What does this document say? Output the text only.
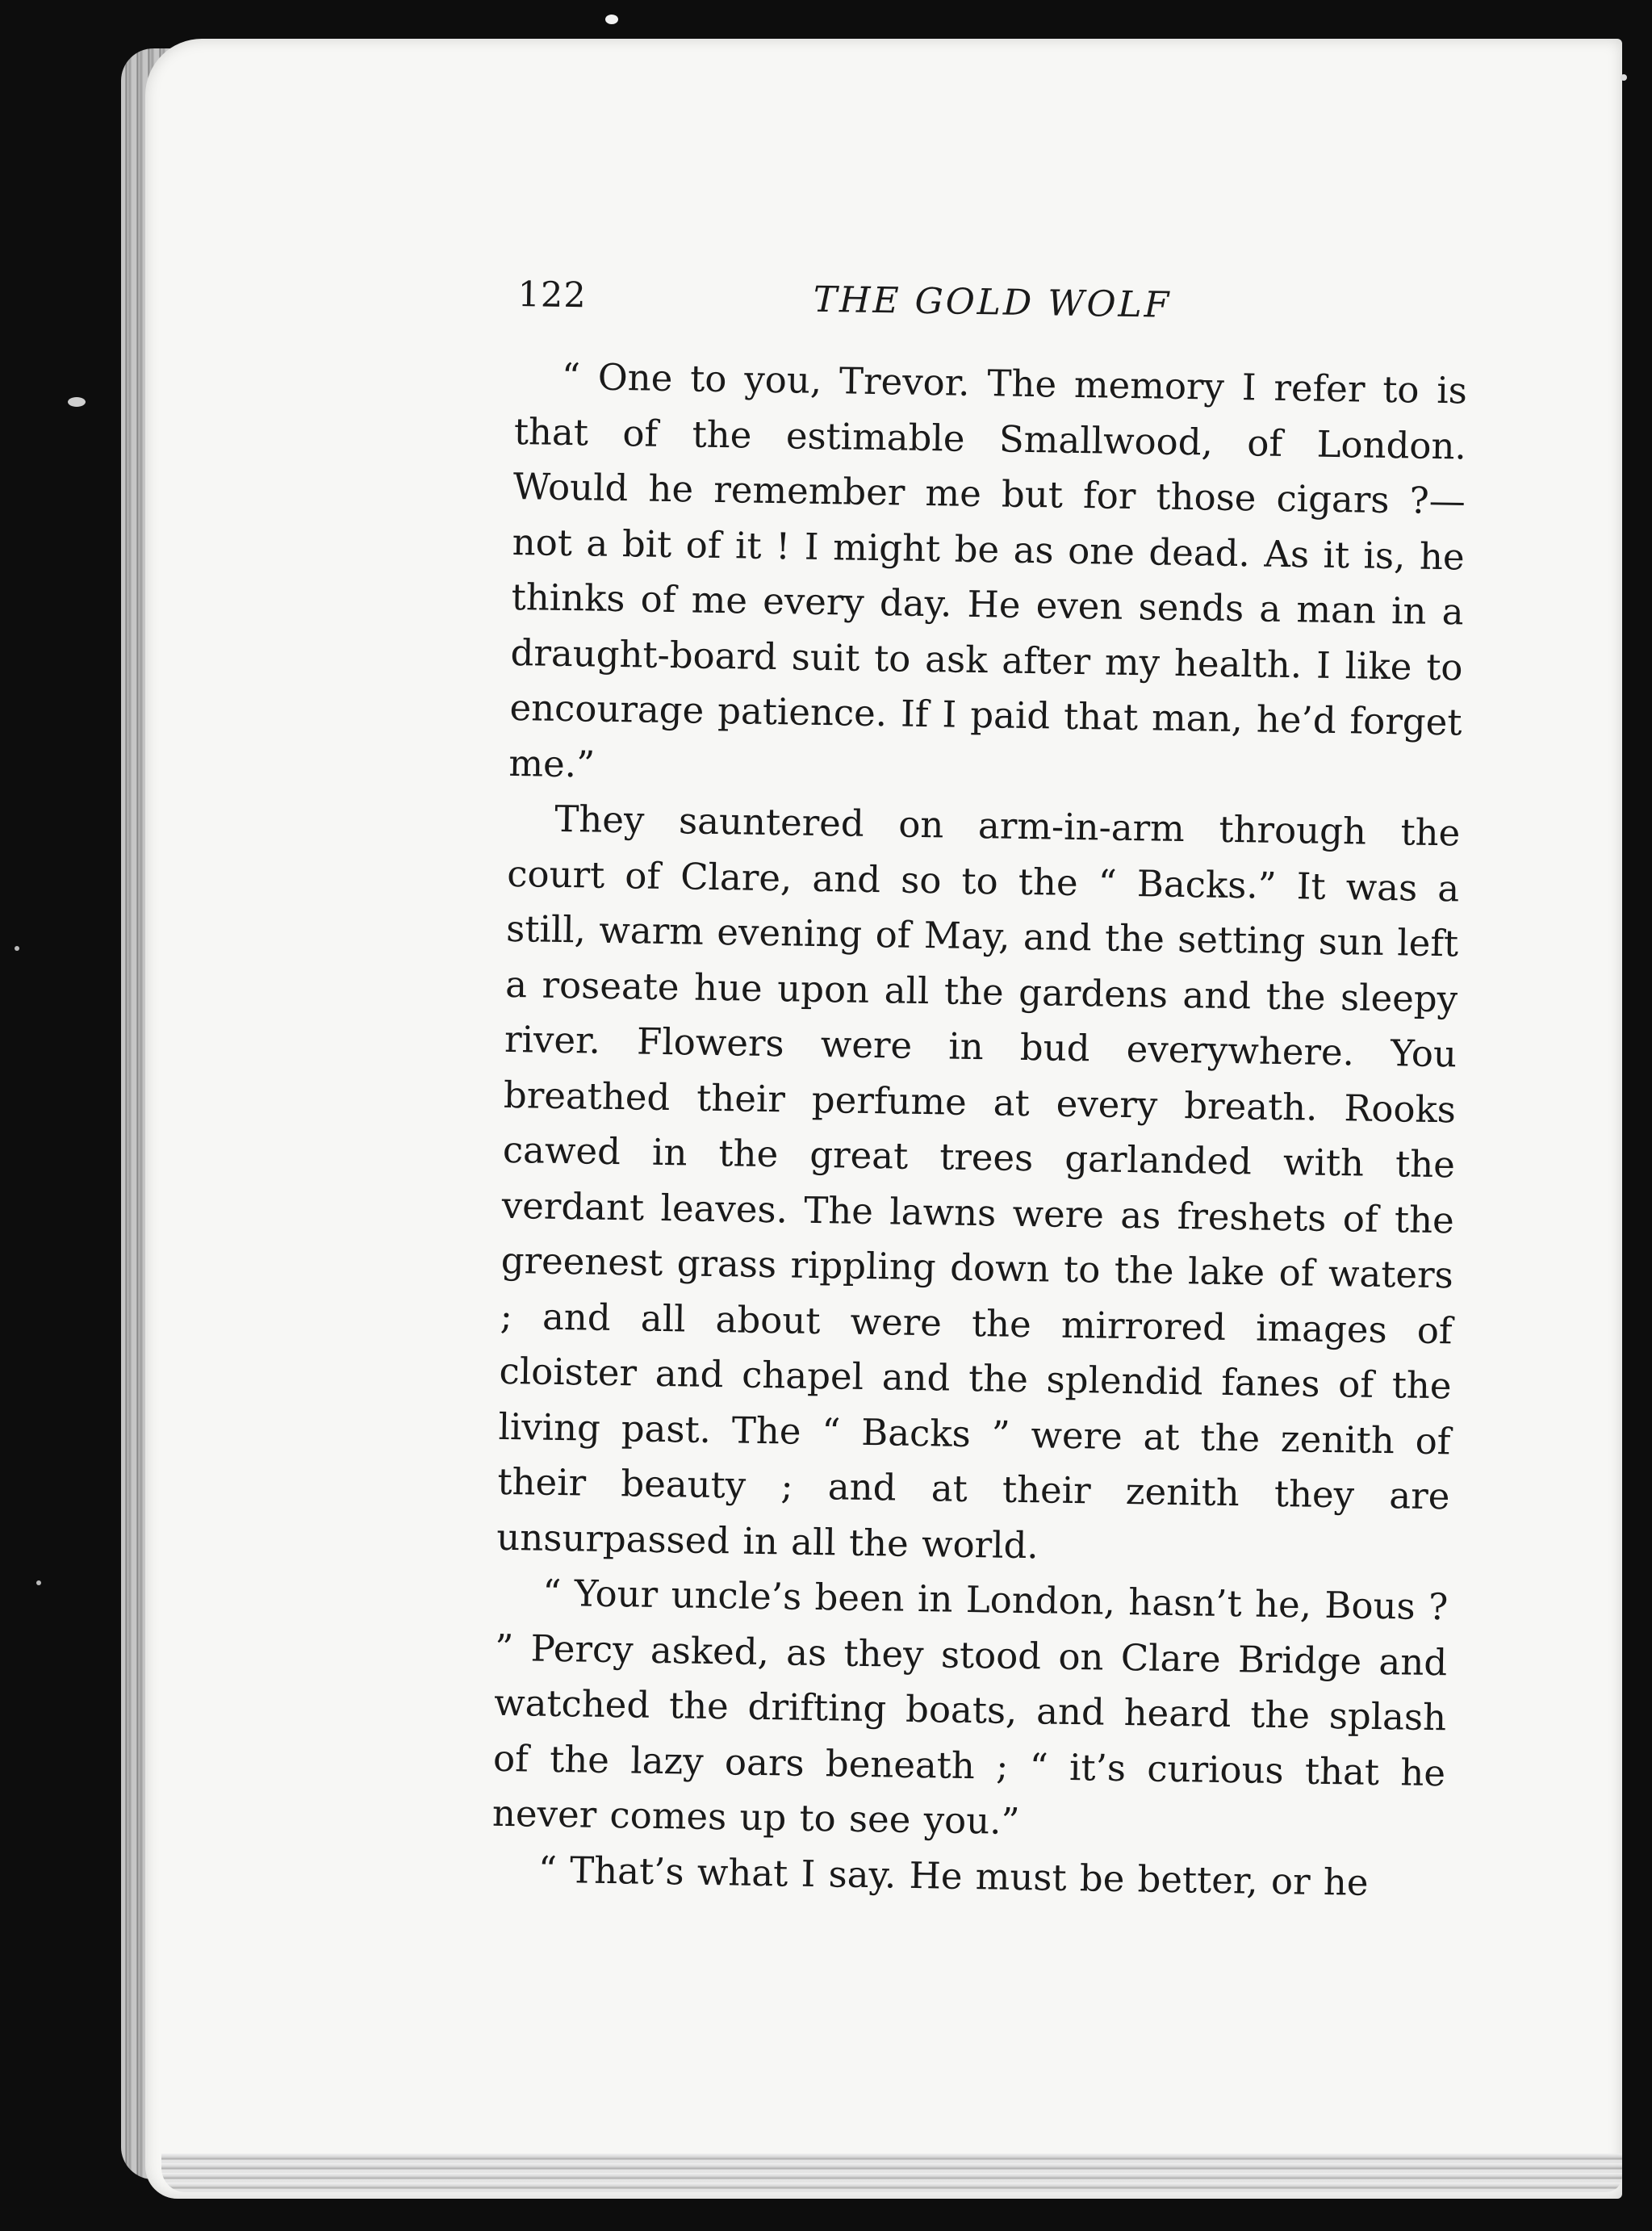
122	THE GOLD WOLF

“ One to you, Trevor. The memory I refer to is that of the estimable Smallwood, of London. Would he remember me but for those cigars ?— not a bit of it ! I might be as one dead. As it is, he thinks of me every day. He even sends a man in a draught-board suit to ask after my health. I like to encourage patience. If I paid that man, he’d forget me.”

They sauntered on arm-in-arm through the court of Clare, and so to the “ Backs.” It was a still, warm evening of May, and the setting sun left a roseate hue upon all the gardens and the sleepy river. Flowers were in bud everywhere. You breathed their perfume at every breath. Rooks cawed in the great trees garlanded with the verdant leaves. The lawns were as freshets of the greenest grass rippling down to the lake of waters ; and all about were the mirrored images of cloister and chapel and the splendid fanes of the living past. The “ Backs ” were at the zenith of their beauty ; and at their zenith they are unsurpassed in all the world.

“ Your uncle’s been in London, hasn’t he, Bous ? ” Percy asked, as they stood on Clare Bridge and watched the drifting boats, and heard the splash of the lazy oars beneath ; “ it’s curious that he never comes up to see you.”

“ That’s what I say. He must be better, or he
